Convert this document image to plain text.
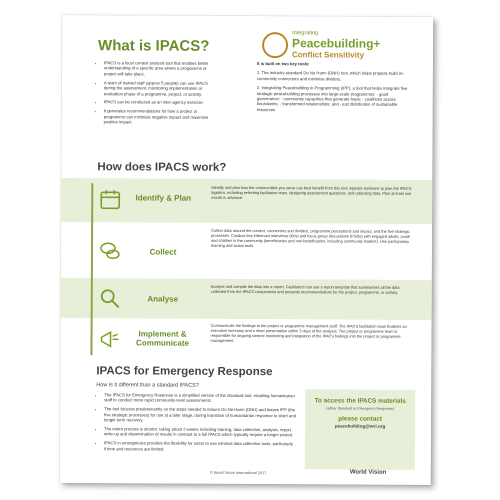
What is IPACS?
Integrating
Peacebuilding+
Conflict Sensitivity
• IPACS is a local context analysis tool that enables better understanding of a specific area where a programme or project will take place.
• A team of trained staff (approx 5 people) can use IPACS during the assessment, monitoring implementation or evaluation phase of a programme, project, or activity.
• IPACS can be conducted as an inter-agency exercise.
• It generates recommendations for how a project or programme can minimise negative impact and maximise positive impact.
It is built on two key tools:
1. The industry-standard Do No Harm (DNH) tool, which helps projects build on community connectors and minimise dividers.
2. Integrating Peacebuilding in Programming (IPP), a tool that helps integrate five strategic peacebuilding processes into large-scale programmes: - good governance; - community capacities that generate hope; - coalitions across boundaries; - transformed relationships; and - just distribution of sustainable resources
How does IPACS work?
Identify & Plan
Identify and plan how the communities you serve can best benefit from this tool. Appoint someone to plan the IPACS logistics, including selecting facilitation team, designing assessment questions, and collecting data. Plan at least one month in advance.
Collect
Collect data around the context, connectors and dividers, programme perceptions and impact, and the five strategic processes. Conduct key informant interviews (KIIs) and focus group discussions (FGDs) with engaged adults, youth and children in the community (beneficiaries and non-beneficiaries, including community leaders). Use participatory learning and action tools.
Analyse
Analyse and compile the data into a report. Facilitators can use a report template that summarises all the data collected from the IPACS components and presents recommendations for the project, programme, or activity.
Implement & Communicate
Communicate the findings to the project or programme management staff. The IPACS facilitation team finalises an executive summary and a short presentation within 3 days of the analysis. The project or programme team is responsible for ongoing context monitoring and integration of the IPACS findings into the project or programme management.
IPACS for Emergency Response
How is it different than a standard IPACS?
• The IPACS for Emergency Response is a simplified version of the standard tool, enabling humanitarian staff to conduct more rapid community-level assessments.
• The tool focuses predominantly on the steps needed to ensure Do No Harm (DNH) and leaves IPP (the five strategic processes) for use at a later stage, during transition of humanitarian response to short and longer term recovery.
• The entire process is shorter, taking about 2 weeks including training, data collection, analysis, report write-up and dissemination of results in contrast to a full IPACS which typically require a longer period.
• IPACS in emergencies provides the flexibility for users to use minimal data collection tools, particularly if time and resources are limited.
To access the IPACS materials
(either Standard or Emergency Response)
please contact
peacebuilding@wvi.org
© World Vision International 2017	World Vision
